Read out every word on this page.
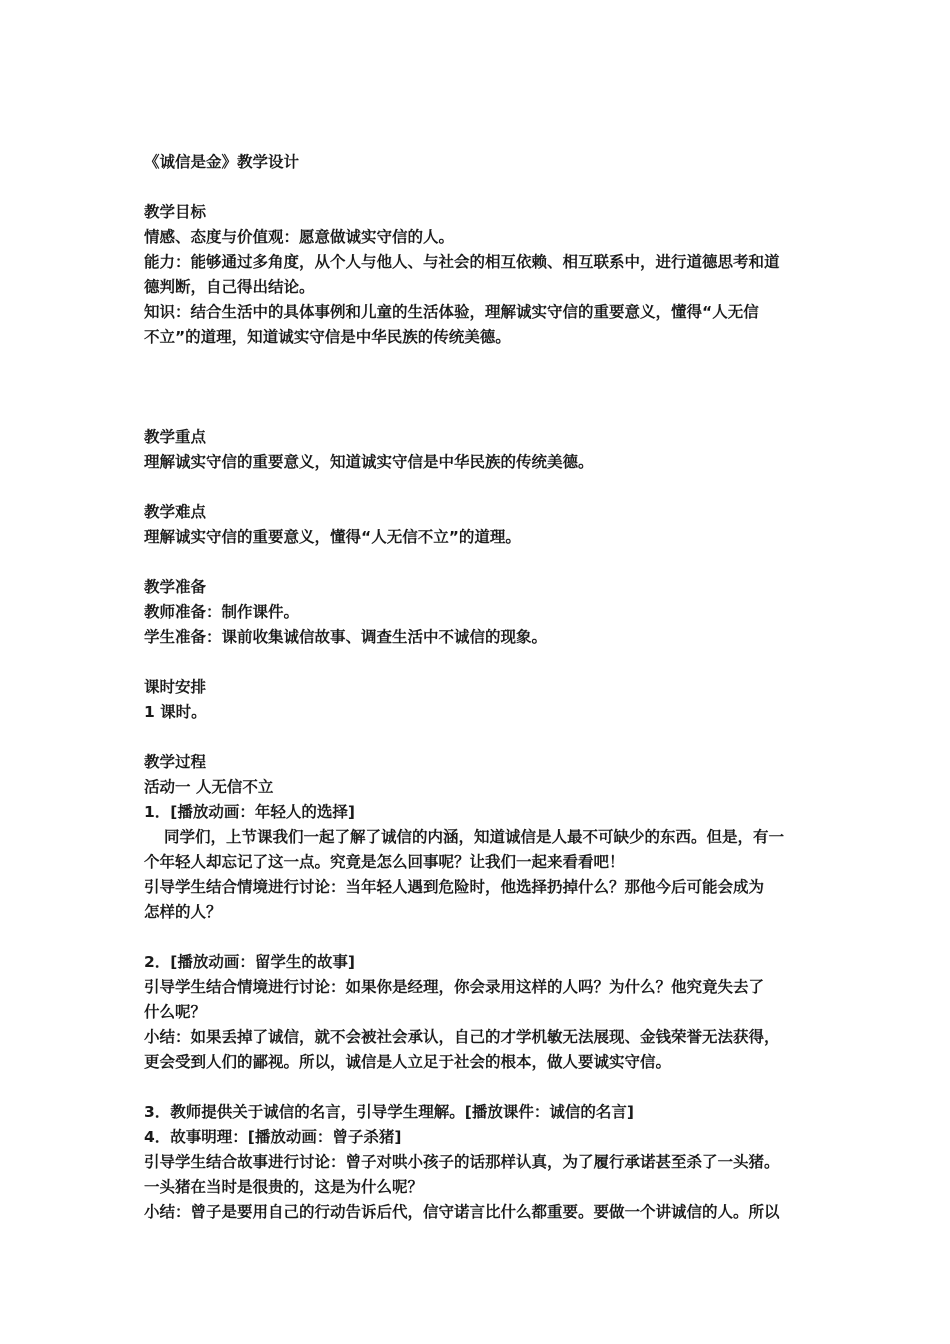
《诚信是金》教学设计
教学目标
情感、态度与价值观：愿意做诚实守信的人。
能力：能够通过多角度，从个人与他人、与社会的相互依赖、相互联系中，进行道德思考和道
德判断，自己得出结论。
知识：结合生活中的具体事例和儿童的生活体验，理解诚实守信的重要意义，懂得“人无信
不立”的道理，知道诚实守信是中华民族的传统美德。
教学重点
理解诚实守信的重要意义，知道诚实守信是中华民族的传统美德。
教学难点
理解诚实守信的重要意义，懂得“人无信不立”的道理。
教学准备
教师准备：制作课件。
学生准备：课前收集诚信故事、调查生活中不诚信的现象。
课时安排
1 课时。
教学过程
活动一 人无信不立
1．[播放动画：年轻人的选择]
同学们，上节课我们一起了解了诚信的内涵，知道诚信是人最不可缺少的东西。但是，有一
个年轻人却忘记了这一点。究竟是怎么回事呢？让我们一起来看看吧！
引导学生结合情境进行讨论：当年轻人遇到危险时，他选择扔掉什么？那他今后可能会成为
怎样的人？
2．[播放动画：留学生的故事]
引导学生结合情境进行讨论：如果你是经理，你会录用这样的人吗？为什么？他究竟失去了
什么呢？
小结：如果丢掉了诚信，就不会被社会承认，自己的才学机敏无法展现、金钱荣誉无法获得，
更会受到人们的鄙视。所以，诚信是人立足于社会的根本，做人要诚实守信。
3．教师提供关于诚信的名言，引导学生理解。[播放课件：诚信的名言]
4．故事明理：[播放动画：曾子杀猪]
引导学生结合故事进行讨论：曾子对哄小孩子的话那样认真，为了履行承诺甚至杀了一头猪。
一头猪在当时是很贵的，这是为什么呢？
小结：曾子是要用自己的行动告诉后代，信守诺言比什么都重要。要做一个讲诚信的人。所以
